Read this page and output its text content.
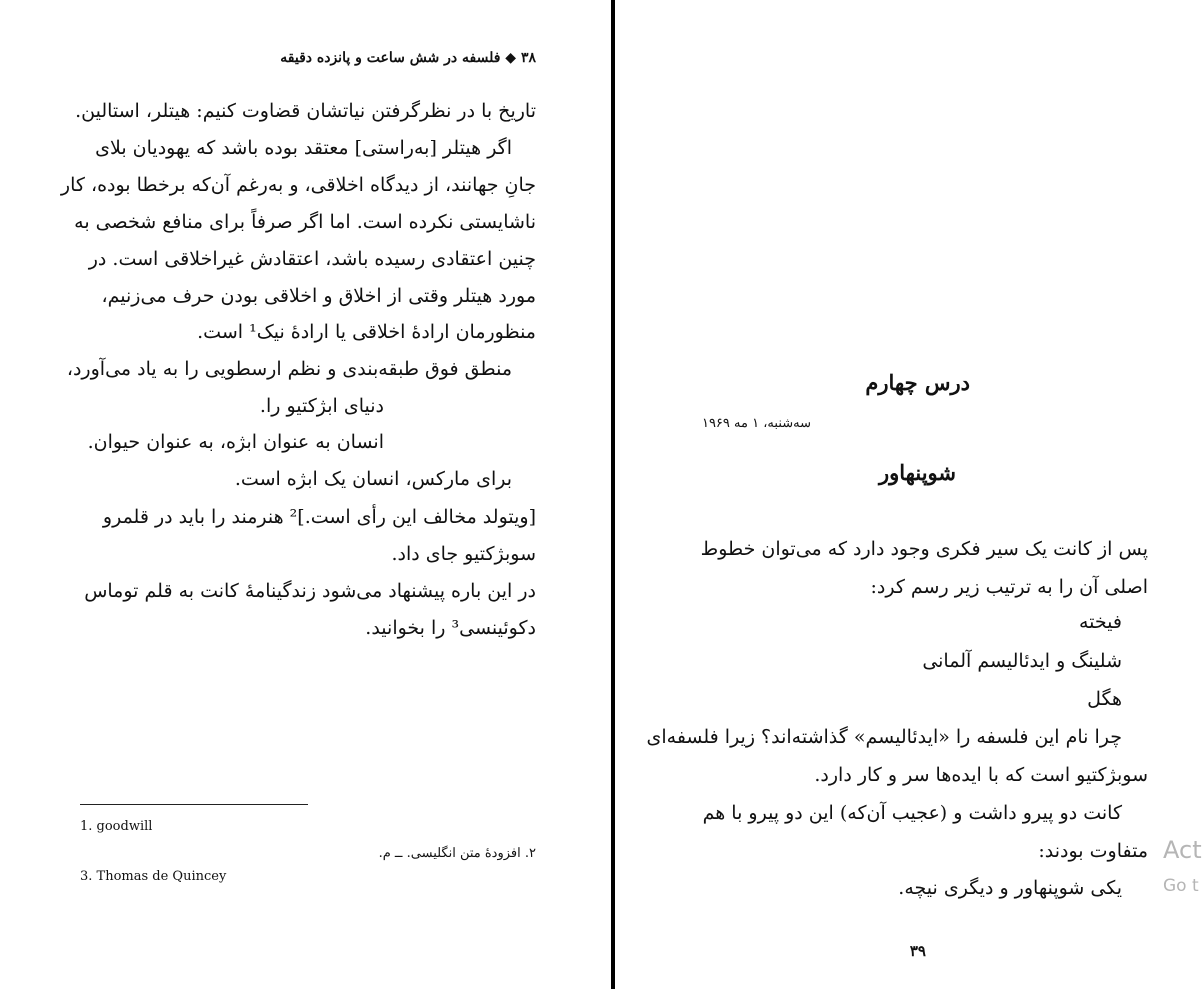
۳۸ ◆ فلسفه در شش ساعت و پانزده دقیقه
تاریخ با در نظرگرفتن نیاتشان قضاوت کنیم: هیتلر، استالین.
اگر هیتلر [به‌راستی] معتقد بوده باشد که یهودیان بلای
جانِ جهانند، از دیدگاه اخلاقی، و به‌رغم آن‌که برخطا بوده، کار
ناشایستی نکرده است. اما اگر صرفاً برای منافع شخصی به
چنین اعتقادی رسیده باشد، اعتقادش غیراخلاقی است. در
مورد هیتلر وقتی از اخلاق و اخلاقی بودن حرف می‌زنیم،
منظورمان ارادهٔ اخلاقی یا ارادهٔ نیک¹ است.
منطق فوق طبقه‌بندی و نظم ارسطویی را به یاد می‌آورد،
دنیای ابژکتیو را.
انسان به عنوان ابژه، به عنوان حیوان.
برای مارکس، انسان یک ابژه است.
[ویتولد مخالف این رأی است.]² هنرمند را باید در قلمرو
سوبژکتیو جای داد.
در این باره پیشنهاد می‌شود زندگینامهٔ کانت به قلم توماس
دکوئینسی³ را بخوانید.
1. goodwill
۲. افزودهٔ متن انگلیسی. ــ م.
3. Thomas de Quincey
درس چهارم
سه‌شنبه، ۱ مه ۱۹۶۹
شوپنهاور
پس از کانت یک سیر فکری وجود دارد که می‌توان خطوط
اصلی آن را به ترتیب زیر رسم کرد:
فیخته
شلینگ و ایدئالیسم آلمانی
هگل
چرا نام این فلسفه را «ایدئالیسم» گذاشته‌اند؟ زیرا فلسفه‌ای
سوبژکتیو است که با ایده‌ها سر و کار دارد.
کانت دو پیرو داشت و (عجیب آن‌که) این دو پیرو با هم
متفاوت بودند:
یکی شوپنهاور و دیگری نیچه.
۳۹
Act
Go t
